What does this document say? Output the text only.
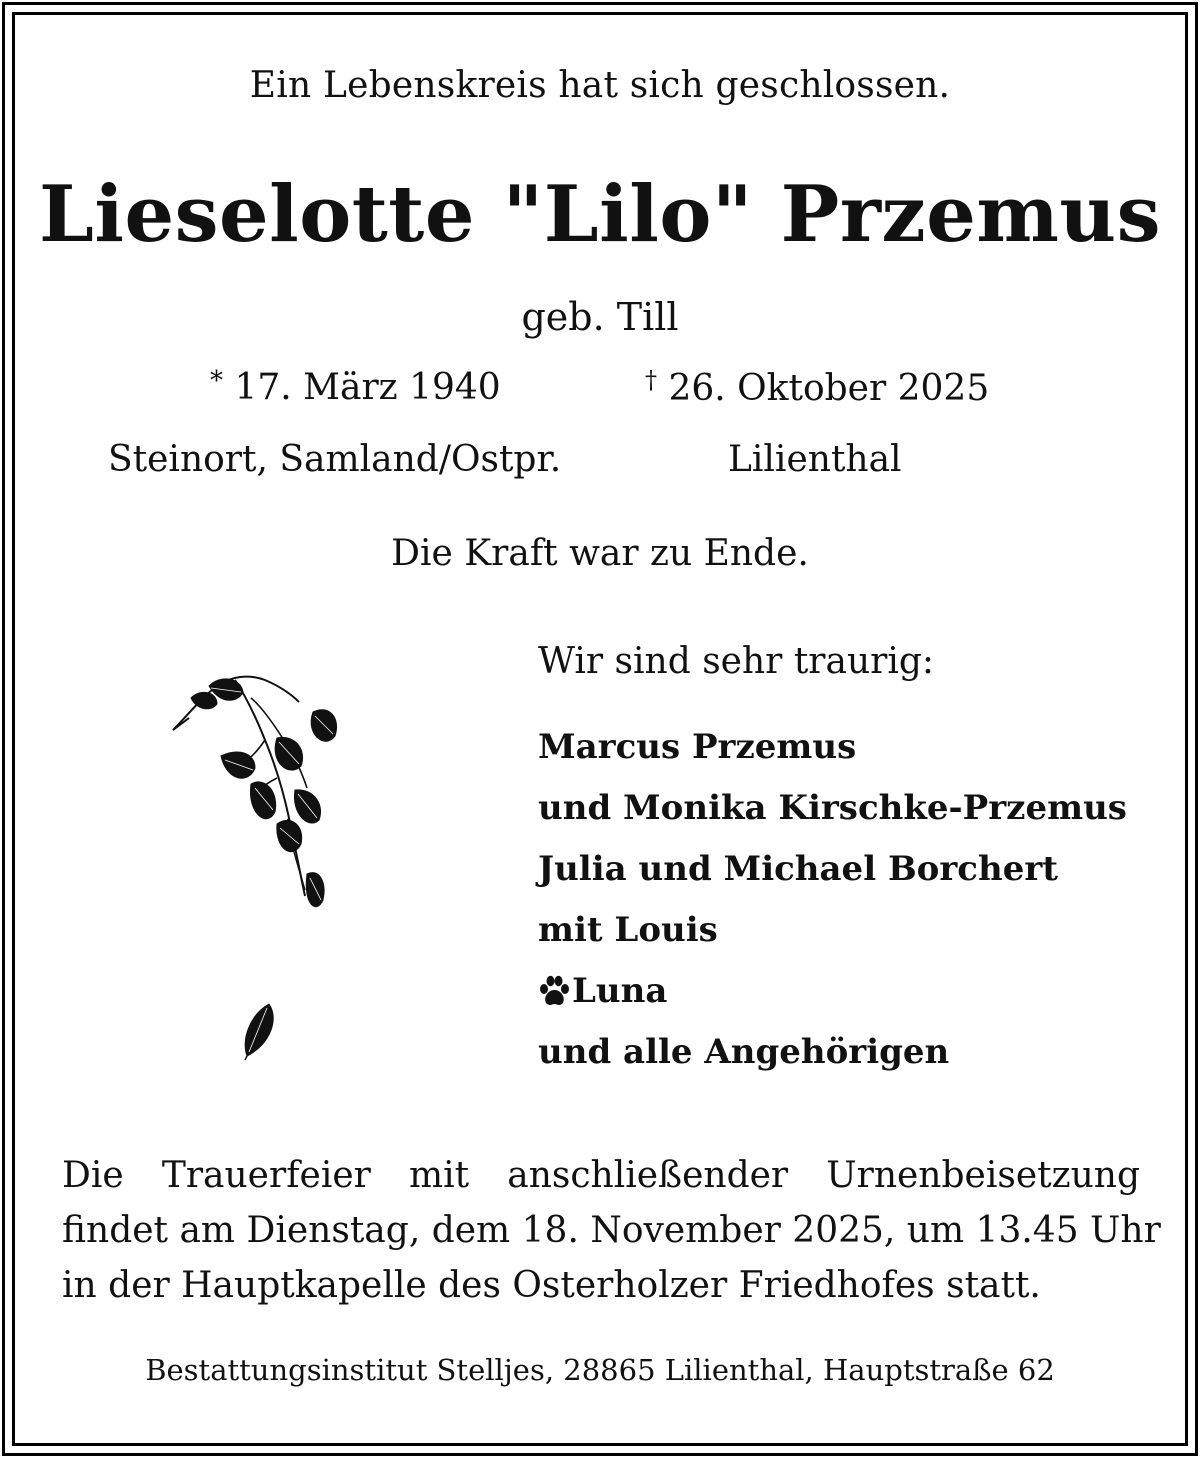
Ein Lebenskreis hat sich geschlossen.
Lieselotte "Lilo" Przemus
geb. Till
* 17. März 1940	† 26. Oktober 2025
Steinort, Samland/Ostpr.	Lilienthal
Die Kraft war zu Ende.
Wir sind sehr traurig:
Marcus Przemus
und Monika Kirschke-Przemus
Julia und Michael Borchert
mit Louis
Luna
und alle Angehörigen
Die Trauerfeier mit anschließender Urnenbeisetzung
findet am Dienstag, dem 18. November 2025, um 13.45 Uhr
in der Hauptkapelle des Osterholzer Friedhofes statt.
Bestattungsinstitut Stelljes, 28865 Lilienthal, Hauptstraße 62
